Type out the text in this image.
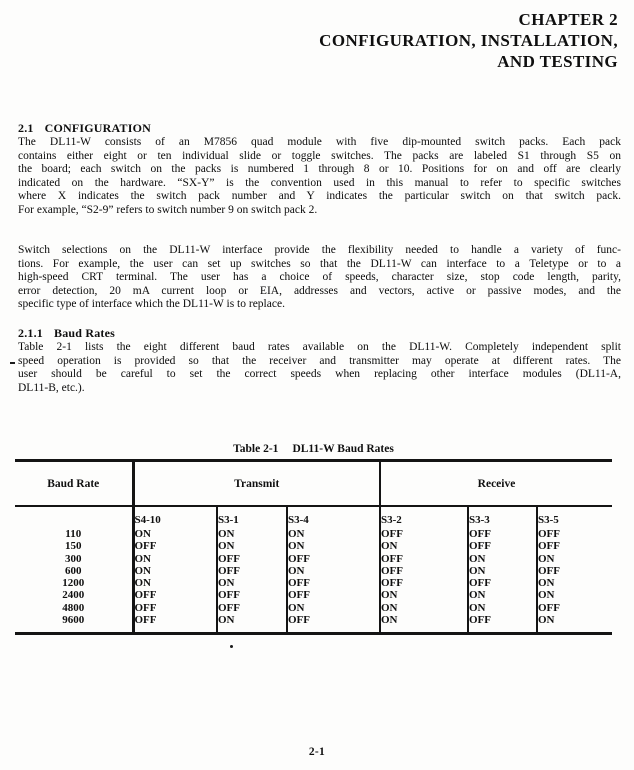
CHAPTER 2
CONFIGURATION, INSTALLATION,
AND TESTING
2.1 CONFIGURATION
The DL11-W consists of an M7856 quad module with five dip-mounted switch packs. Each pack
contains either eight or ten individual slide or toggle switches. The packs are labeled S1 through S5 on
the board; each switch on the packs is numbered 1 through 8 or 10. Positions for on and off are clearly
indicated on the hardware. “SX-Y” is the convention used in this manual to refer to specific switches
where X indicates the switch pack number and Y indicates the particular switch on that switch pack.
For example, “S2-9” refers to switch number 9 on switch pack 2.
Switch selections on the DL11-W interface provide the flexibility needed to handle a variety of func-
tions. For example, the user can set up switches so that the DL11-W can interface to a Teletype or to a
high-speed CRT terminal. The user has a choice of speeds, character size, stop code length, parity,
error detection, 20 mA current loop or EIA, addresses and vectors, active or passive modes, and the
specific type of interface which the DL11-W is to replace.
2.1.1 Baud Rates
Table 2-1 lists the eight different baud rates available on the DL11-W. Completely independent split
speed operation is provided so that the receiver and transmitter may operate at different rates. The
user should be careful to set the correct speeds when replacing other interface modules (DL11-A,
DL11-B, etc.).
Table 2-1 DL11-W Baud Rates
Baud Rate	Transmit			Receive		
	S4-10	S3-1	S3-4	S3-2	S3-3	S3-5
110	ON	ON	ON	OFF	OFF	OFF
150	OFF	ON	ON	ON	OFF	OFF
300	ON	OFF	OFF	OFF	ON	ON
600	ON	OFF	ON	OFF	ON	OFF
1200	ON	ON	OFF	OFF	OFF	ON
2400	OFF	OFF	OFF	ON	ON	ON
4800	OFF	OFF	ON	ON	ON	OFF
9600	OFF	ON	OFF	ON	OFF	ON
2-1
